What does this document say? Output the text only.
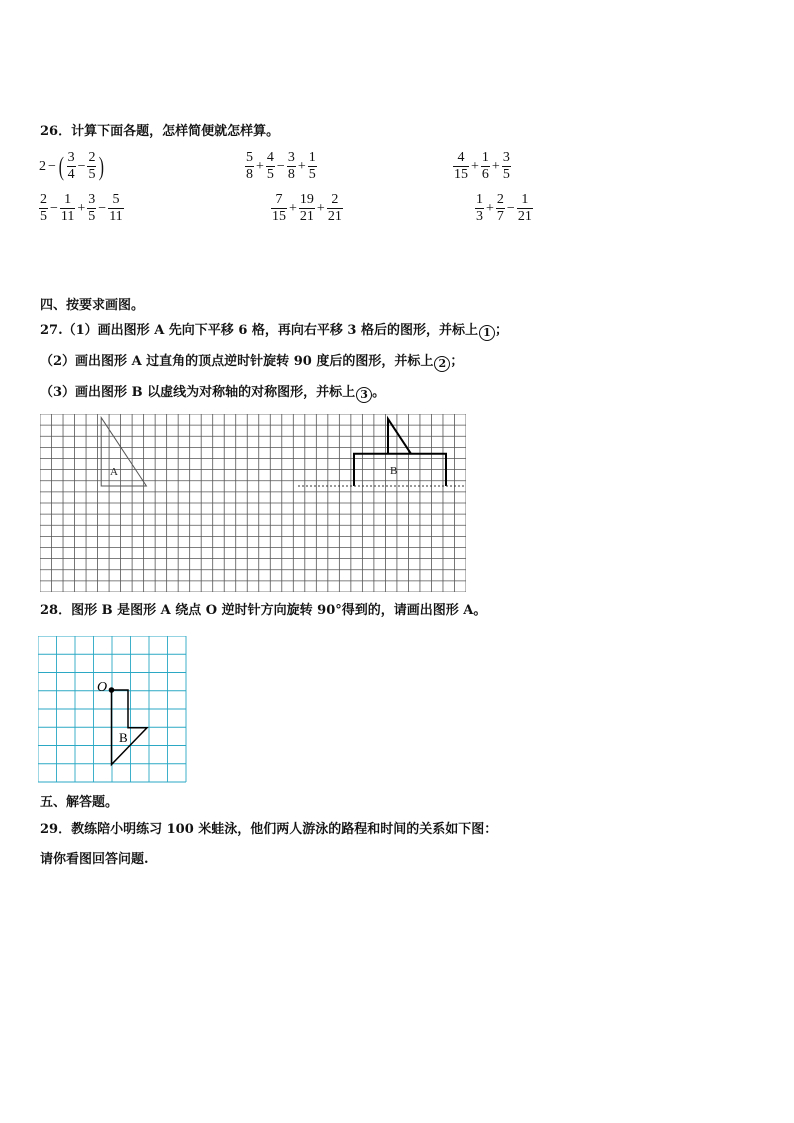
26．计算下面各题，怎样简便就怎样算。
2 − ( $\frac{3}{4} - \frac{2}{5}$ )	$\frac{5}{8} + \frac{4}{5} - \frac{3}{8} + \frac{1}{5}$	$\frac{4}{15} + \frac{1}{6} + \frac{3}{5}$
$\frac{2}{5} - \frac{1}{11} + \frac{3}{5} - \frac{5}{11}$	$\frac{7}{15} + \frac{19}{21} + \frac{2}{21}$	$\frac{1}{3} + \frac{2}{7} - \frac{1}{21}$
四、按要求画图。
27.（1）画出图形 A 先向下平移 6 格，再向右平移 3 格后的图形，并标上 1 ；
（2）画出图形 A 过直角的顶点逆时针旋转 90 度后的图形，并标上 2 ；
（3）画出图形 B 以虚线为对称轴的对称图形，并标上 3 。
A	B
28．图形 B 是图形 A 绕点 O 逆时针方向旋转 90°得到的，请画出图形 A。
O
B
五、解答题。
29．教练陪小明练习 100 米蛙泳，他们两人游泳的路程和时间的关系如下图：
请你看图回答问题.
